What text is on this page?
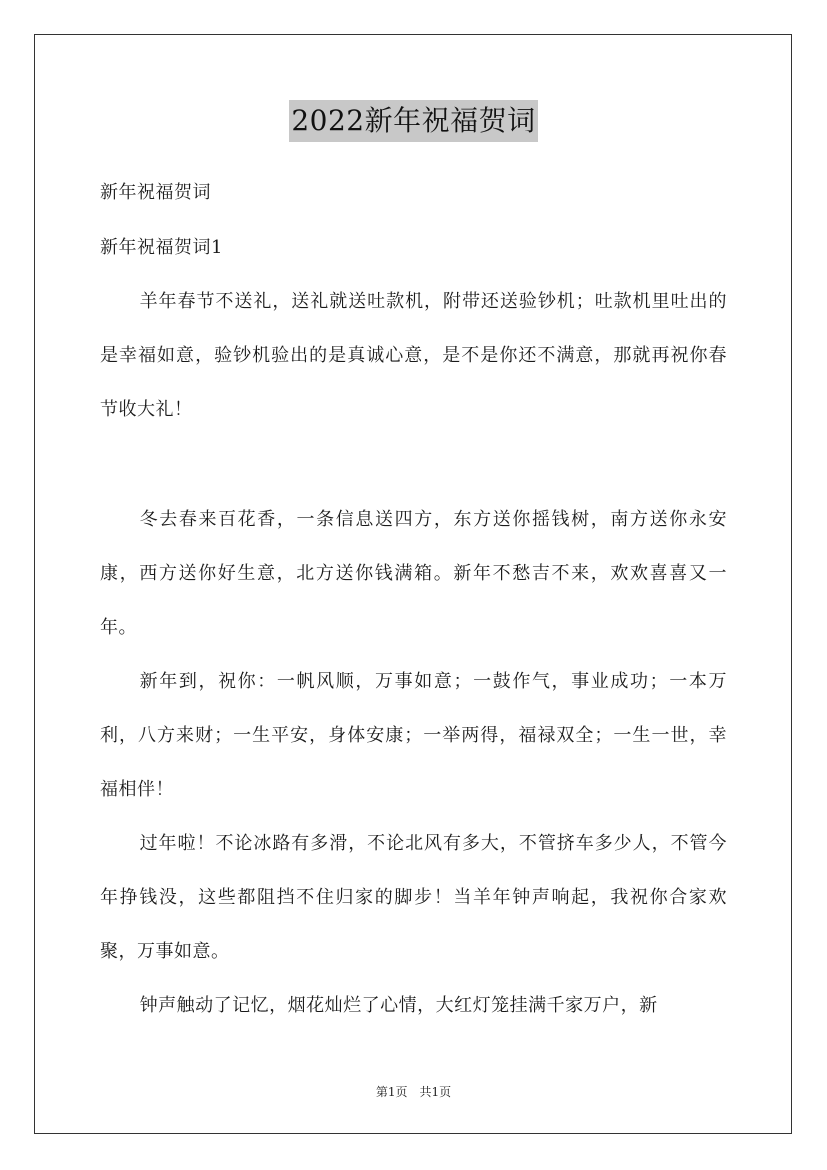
2022新年祝福贺词
新年祝福贺词
新年祝福贺词1
羊年春节不送礼，送礼就送吐款机，附带还送验钞机；吐款机里吐出的是幸福如意，验钞机验出的是真诚心意，是不是你还不满意，那就再祝你春节收大礼！
冬去春来百花香，一条信息送四方，东方送你摇钱树，南方送你永安康，西方送你好生意，北方送你钱满箱。新年不愁吉不来，欢欢喜喜又一年。
新年到，祝你：一帆风顺，万事如意；一鼓作气，事业成功；一本万利，八方来财；一生平安，身体安康；一举两得，福禄双全；一生一世，幸福相伴！
过年啦！不论冰路有多滑，不论北风有多大，不管挤车多少人，不管今年挣钱没，这些都阻挡不住归家的脚步！当羊年钟声响起，我祝你合家欢聚，万事如意。
钟声触动了记忆，烟花灿烂了心情，大红灯笼挂满千家万户，新
第1页　共1页
